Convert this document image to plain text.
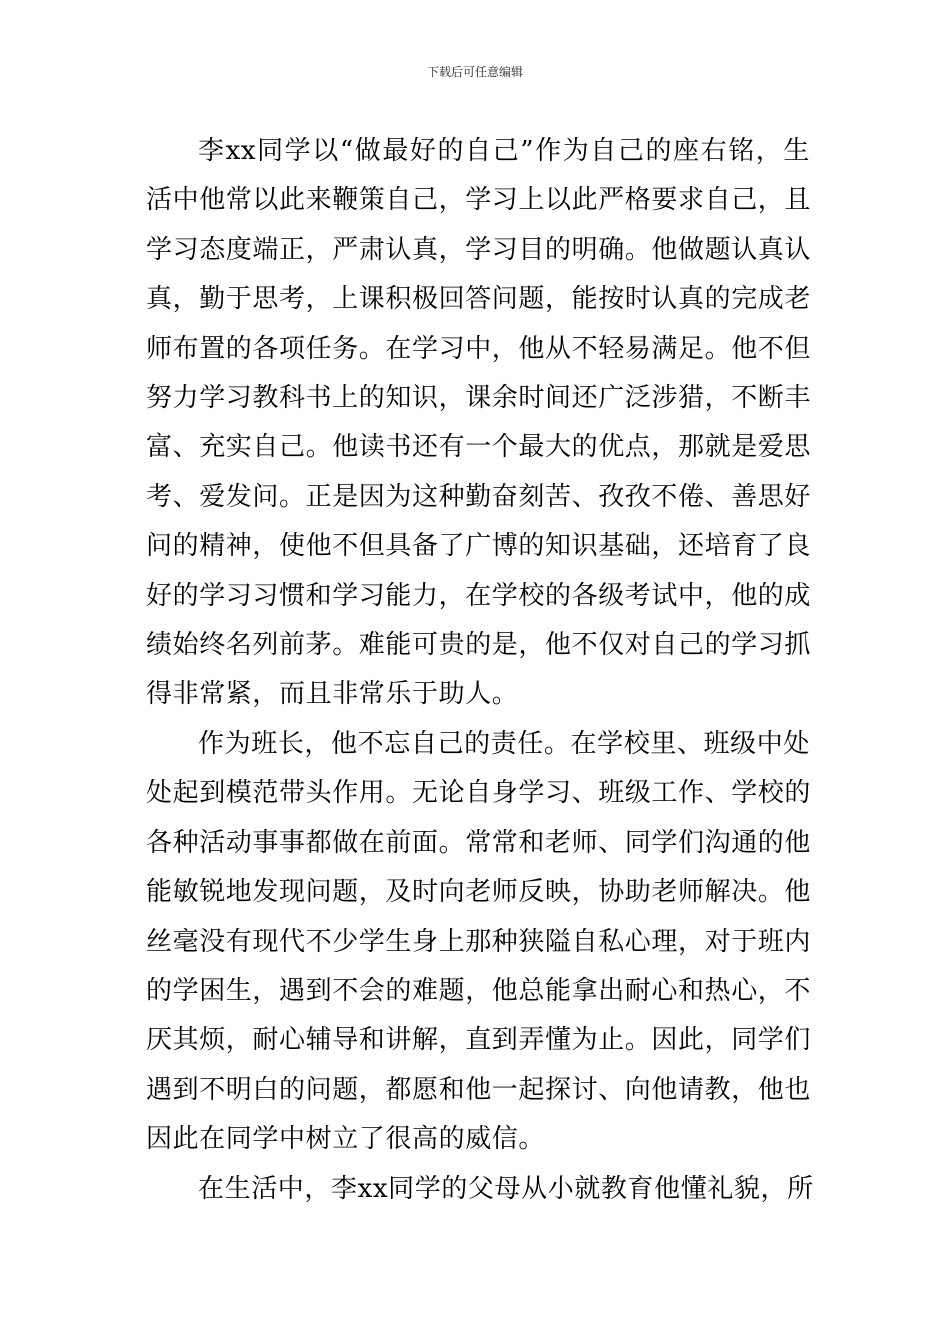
下载后可任意编辑
李xx同学以“做最好的自己”作为自己的座右铭，生
活中他常以此来鞭策自己，学习上以此严格要求自己，且
学习态度端正，严肃认真，学习目的明确。他做题认真认
真，勤于思考，上课积极回答问题，能按时认真的完成老
师布置的各项任务。在学习中，他从不轻易满足。他不但
努力学习教科书上的知识，课余时间还广泛涉猎，不断丰
富、充实自己。他读书还有一个最大的优点，那就是爱思
考、爱发问。正是因为这种勤奋刻苦、孜孜不倦、善思好
问的精神，使他不但具备了广博的知识基础，还培育了良
好的学习习惯和学习能力，在学校的各级考试中，他的成
绩始终名列前茅。难能可贵的是，他不仅对自己的学习抓
得非常紧，而且非常乐于助人。
作为班长，他不忘自己的责任。在学校里、班级中处
处起到模范带头作用。无论自身学习、班级工作、学校的
各种活动事事都做在前面。常常和老师、同学们沟通的他
能敏锐地发现问题，及时向老师反映，协助老师解决。他
丝毫没有现代不少学生身上那种狭隘自私心理，对于班内
的学困生，遇到不会的难题，他总能拿出耐心和热心，不
厌其烦，耐心辅导和讲解，直到弄懂为止。因此，同学们
遇到不明白的问题，都愿和他一起探讨、向他请教，他也
因此在同学中树立了很高的威信。
在生活中，李xx同学的父母从小就教育他懂礼貌，所
